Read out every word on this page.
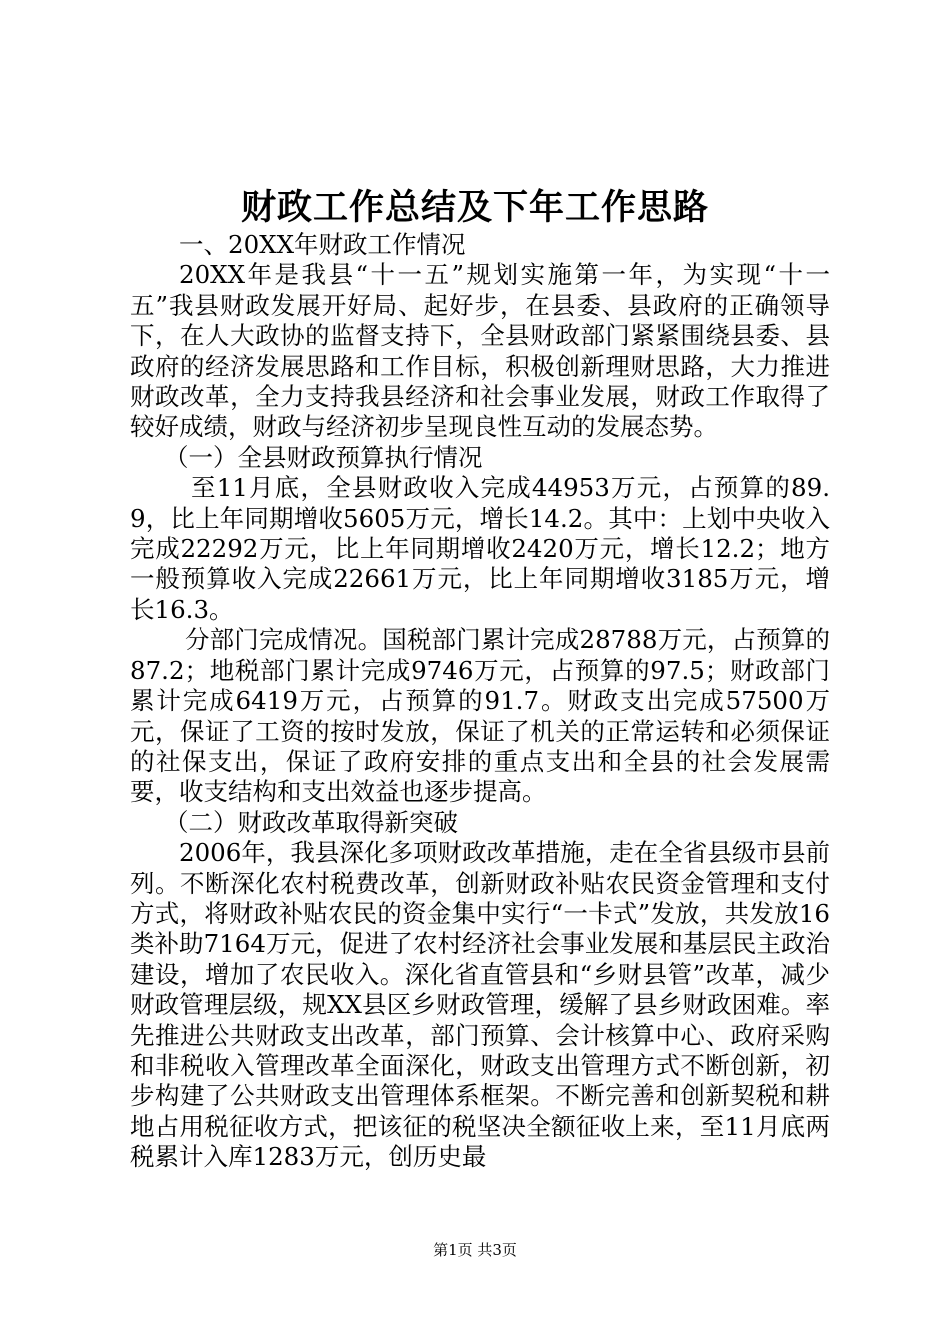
财政工作总结及下年工作思路

一、20XX年财政工作情况

20XX年是我县“十一五”规划实施第一年，为实现“十一五”我县财政发展开好局、起好步，在县委、县政府的正确领导下，在人大政协的监督支持下，全县财政部门紧紧围绕县委、县政府的经济发展思路和工作目标，积极创新理财思路，大力推进财政改革，全力支持我县经济和社会事业发展，财政工作取得了较好成绩，财政与经济初步呈现良性互动的发展态势。

（一）全县财政预算执行情况

至11月底，全县财政收入完成44953万元，占预算的89.9，比上年同期增收5605万元，增长14.2。其中：上划中央收入完成22292万元，比上年同期增收2420万元，增长12.2；地方一般预算收入完成22661万元，比上年同期增收3185万元，增长16.3。

分部门完成情况。国税部门累计完成28788万元，占预算的87.2；地税部门累计完成9746万元，占预算的97.5；财政部门累计完成6419万元，占预算的91.7。财政支出完成57500万元，保证了工资的按时发放，保证了机关的正常运转和必须保证的社保支出，保证了政府安排的重点支出和全县的社会发展需要，收支结构和支出效益也逐步提高。

（二）财政改革取得新突破

2006年，我县深化多项财政改革措施，走在全省县级市县前列。不断深化农村税费改革，创新财政补贴农民资金管理和支付方式，将财政补贴农民的资金集中实行“一卡式”发放，共发放16类补助7164万元，促进了农村经济社会事业发展和基层民主政治建设，增加了农民收入。深化省直管县和“乡财县管”改革，减少财政管理层级，规XX县区乡财政管理，缓解了县乡财政困难。率先推进公共财政支出改革，部门预算、会计核算中心、政府采购和非税收入管理改革全面深化，财政支出管理方式不断创新，初步构建了公共财政支出管理体系框架。不断完善和创新契税和耕地占用税征收方式，把该征的税坚决全额征收上来，至11月底两税累计入库1283万元，创历史最

第1页 共3页
